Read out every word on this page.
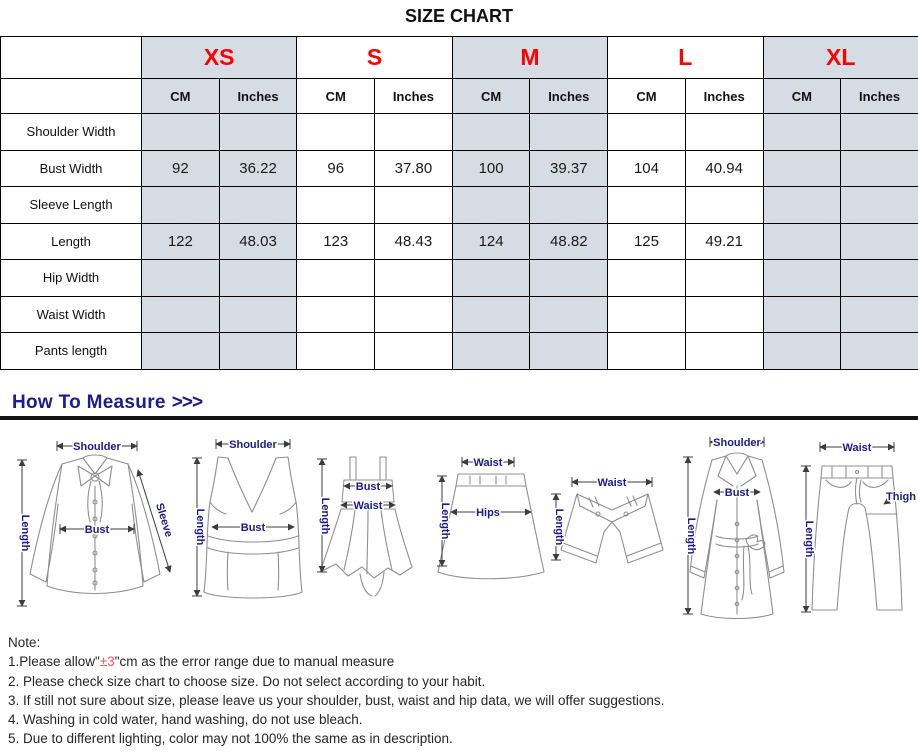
SIZE CHART
	XS		S		M		L		XL	
	CM	Inches	CM	Inches	CM	Inches	CM	Inches	CM	Inches
Shoulder Width										
Bust Width	92	36.22	96	37.80	100	39.37	104	40.94		
Sleeve Length										
Length	122	48.03	123	48.43	124	48.82	125	49.21		
Hip Width										
Waist Width										
Pants length										
How To Measure >>>
Shoulder
Length	Bust	Sleeve
Shoulder
Length	Bust	Length
Bust
Waist
Waist
Length Hips
Waist
Length
Shoulder
Length
Bust
Waist
Length
Thigh
Note:
1.Please allow"±3"cm as the error range due to manual measure
2. Please check size chart to choose size. Do not select according to your habit.
3. If still not sure about size, please leave us your shoulder, bust, waist and hip data, we will offer suggestions.
4. Washing in cold water, hand washing, do not use bleach.
5. Due to different lighting, color may not 100% the same as in description.
